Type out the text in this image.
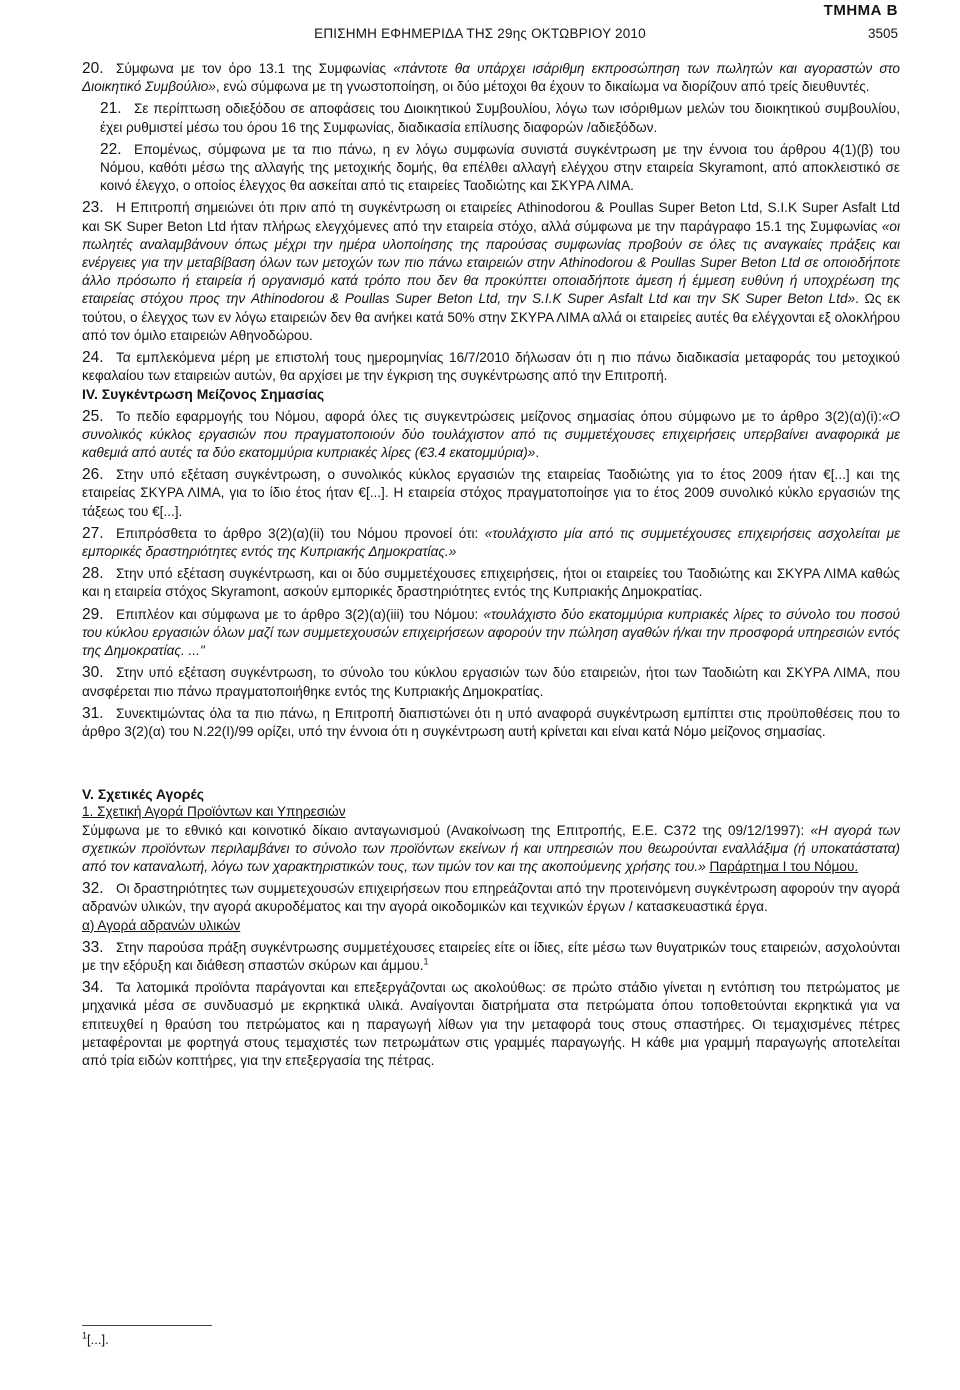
ΤΜΗΜΑ Β
ΕΠΙΣΗΜΗ ΕΦΗΜΕΡΙΔΑ ΤΗΣ 29ης ΟΚΤΩΒΡΙΟΥ 2010	3505

20. Σύμφωνα με τον όρο 13.1 της Συμφωνίας «πάντοτε θα υπάρχει ισάριθμη εκπροσώπηση των πωλητών και αγοραστών στο Διοικητικό Συμβούλιο», ενώ σύμφωνα με τη γνωστοποίηση, οι δύο μέτοχοι θα έχουν το δικαίωμα να διορίζουν από τρείς διευθυντές.

21. Σε περίπτωση οδιεξόδου σε αποφάσεις του Διοικητικού Συμβουλίου, λόγω των ισόριθμων μελών του διοικητικού συμβουλίου, έχει ρυθμιστεί μέσω του όρου 16 της Συμφωνίας, διαδικασία επίλυσης διαφορών /αδιεξόδων.

22. Επομένως, σύμφωνα με τα πιο πάνω, η εν λόγω συμφωνία συνιστά συγκέντρωση με την έννοια του άρθρου 4(1)(β) του Νόμου, καθότι μέσω της αλλαγής της μετοχικής δομής, θα επέλθει αλλαγή ελέγχου στην εταιρεία Skyramont, από αποκλειστικό σε κοινό έλεγχο, ο οποίος έλεγχος θα ασκείται από τις εταιρείες Ταοδιώτης και ΣΚΥΡΑ ΛΙΜΑ.

23. Η Επιτροπή σημειώνει ότι πριν από τη συγκέντρωση οι εταιρείες Athinodorou & Poullas Super Beton Ltd, S.I.K Super Asfalt Ltd και SK Super Beton Ltd ήταν πλήρως ελεγχόμενες από την εταιρεία στόχο, αλλά σύμφωνα με την παράγραφο 15.1 της Συμφωνίας «οι πωλητές αναλαμβάνουν όπως μέχρι την ημέρα υλοποίησης της παρούσας συμφωνίας προβούν σε όλες τις αναγκαίες πράξεις και ενέργειες για την μεταβίβαση όλων των μετοχών των πιο πάνω εταιρειών στην Athinodorou & Poullas Super Beton Ltd σε οποιοδήποτε άλλο πρόσωπο ή εταιρεία ή οργανισμό κατά τρόπο που δεν θα προκύπτει οποιαδήποτε άμεση ή έμμεση ευθύνη ή υποχρέωση της εταιρείας στόχου προς την Athinodorou & Poullas Super Beton Ltd, την S.I.K Super Asfalt Ltd και την SK Super Beton Ltd». Ως εκ τούτου, ο έλεγχος των εν λόγω εταιρειών δεν θα ανήκει κατά 50% στην ΣΚΥΡΑ ΛΙΜΑ αλλά οι εταιρείες αυτές θα ελέγχονται εξ ολοκλήρου από τον όμιλο εταιρειών Αθηνοδώρου.

24. Τα εμπλεκόμενα μέρη με επιστολή τους ημερομηνίας 16/7/2010 δήλωσαν ότι η πιο πάνω διαδικασία μεταφοράς του μετοχικού κεφαλαίου των εταιρειών αυτών, θα αρχίσει με την έγκριση της συγκέντρωσης από την Επιτροπή.

IV. Συγκέντρωση Μείζονος Σημασίας

25. Το πεδίο εφαρμογής του Νόμου, αφορά όλες τις συγκεντρώσεις μείζονος σημασίας όπου σύμφωνο με το άρθρο 3(2)(α)(i):«Ο συνολικός κύκλος εργασιών που πραγματοποιούν δύο τουλάχιστον από τις συμμετέχουσες επιχειρήσεις υπερβαίνει αναφορικά με καθεμιά από αυτές τα δύο εκατομμύρια κυπριακές λίρες (€3.4 εκατομμύρια)».

26. Στην υπό εξέταση συγκέντρωση, ο συνολικός κύκλος εργασιών της εταιρείας Ταοδιώτης για το έτος 2009 ήταν €[...] και της εταιρείας ΣΚΥΡΑ ΛΙΜΑ, για το ίδιο έτος ήταν €[...]. Η εταιρεία στόχος πραγματοποίησε για το έτος 2009 συνολικό κύκλο εργασιών της τάξεως του €[...].

27. Επιπρόσθετα το άρθρο 3(2)(α)(ii) του Νόμου προνοεί ότι: «τουλάχιστο μία από τις συμμετέχουσες επιχειρήσεις ασχολείται με εμπορικές δραστηριότητες εντός της Κυπριακής Δημοκρατίας.»

28. Στην υπό εξέταση συγκέντρωση, και οι δύο συμμετέχουσες επιχειρήσεις, ήτοι οι εταιρείες του Ταοδιώτης και ΣΚΥΡΑ ΛΙΜΑ καθώς και η εταιρεία στόχος Skyramont, ασκούν εμπορικές δραστηριότητες εντός της Κυπριακής Δημοκρατίας.

29. Επιπλέον και σύμφωνα με το άρθρο 3(2)(α)(iii) του Νόμου: «τουλάχιστο δύο εκατομμύρια κυπριακές λίρες το σύνολο του ποσού του κύκλου εργασιών όλων μαζί των συμμετεχουσών επιχειρήσεων αφορούν την πώληση αγαθών ή/και την προσφορά υπηρεσιών εντός της Δημοκρατίας. ..."

30. Στην υπό εξέταση συγκέντρωση, το σύνολο του κύκλου εργασιών των δύο εταιρειών, ήτοι των Ταοδιώτη και ΣΚΥΡΑ ΛΙΜΑ, που ανσφέρεται πιο πάνω πραγματοποιήθηκε εντός της Κυπριακής Δημοκρατίας.

31. Συνεκτιμώντας όλα τα πιο πάνω, η Επιτροπή διαπιστώνει ότι η υπό αναφορά συγκέντρωση εμπίπτει στις προϋποθέσεις που το άρθρο 3(2)(α) του Ν.22(Ι)/99 ορίζει, υπό την έννοια ότι η συγκέντρωση αυτή κρίνεται και είναι κατά Νόμο μείζονος σημασίας.

V. Σχετικές Αγορές

1. Σχετική Αγορά Προϊόντων και Υπηρεσιών

Σύμφωνα με το εθνικό και κοινοτικό δίκαιο ανταγωνισμού (Ανακοίνωση της Επιτροπής, Ε.Ε. C372 της 09/12/1997): «Η αγορά των σχετικών προϊόντων περιλαμβάνει το σύνολο των προϊόντων εκείνων ή και υπηρεσιών που θεωρούνται εναλλάξιμα (ή υποκατάστατα) από τον καταναλωτή, λόγω των χαρακτηριστικών τους, των τιμών τον και της ακοπούμενης χρήσης του.» Παράρτημα Ι του Νόμου.

32. Οι δραστηριότητες των συμμετεχουσών επιχειρήσεων που επηρεάζονται από την προτεινόμενη συγκέντρωση αφορούν την αγορά αδρανών υλικών, την αγορά ακυροδέματος και την αγορά οικοδομικών και τεχνικών έργων / κατασκευαστικά έργα.

α) Αγορά αδρανών υλικών

33. Στην παρούσα πράξη συγκέντρωσης συμμετέχουσες εταιρείες είτε οι ίδιες, είτε μέσω των θυγατρικών τους εταιρειών, ασχολούνται με την εξόρυξη και διάθεση σπαστών σκύρων και άμμου.$^1$

34. Τα λατομικά προϊόντα παράγονται και επεξεργάζονται ως ακολούθως: σε πρώτο στάδιο γίνεται η εντόπιση του πετρώματος με μηχανικά μέσα σε συνδυασμό με εκρηκτικά υλικά. Αναίγονται διατρήματα στα πετρώματα όπου τοποθετούνται εκρηκτικά για να επιτευχθεί η θραύση του πετρώματος και η παραγωγή λίθων για την μεταφορά τους στους σπαστήρες. Οι τεμαχισμένες πέτρες μεταφέρονται με φορτηγά στους τεμαχιστές των πετρωμάτων στις γραμμές παραγωγής. Η κάθε μια γραμμή παραγωγής αποτελείται από τρία ειδών κοπτήρες, για την επεξεργασία της πέτρας.

$^1$[...].
